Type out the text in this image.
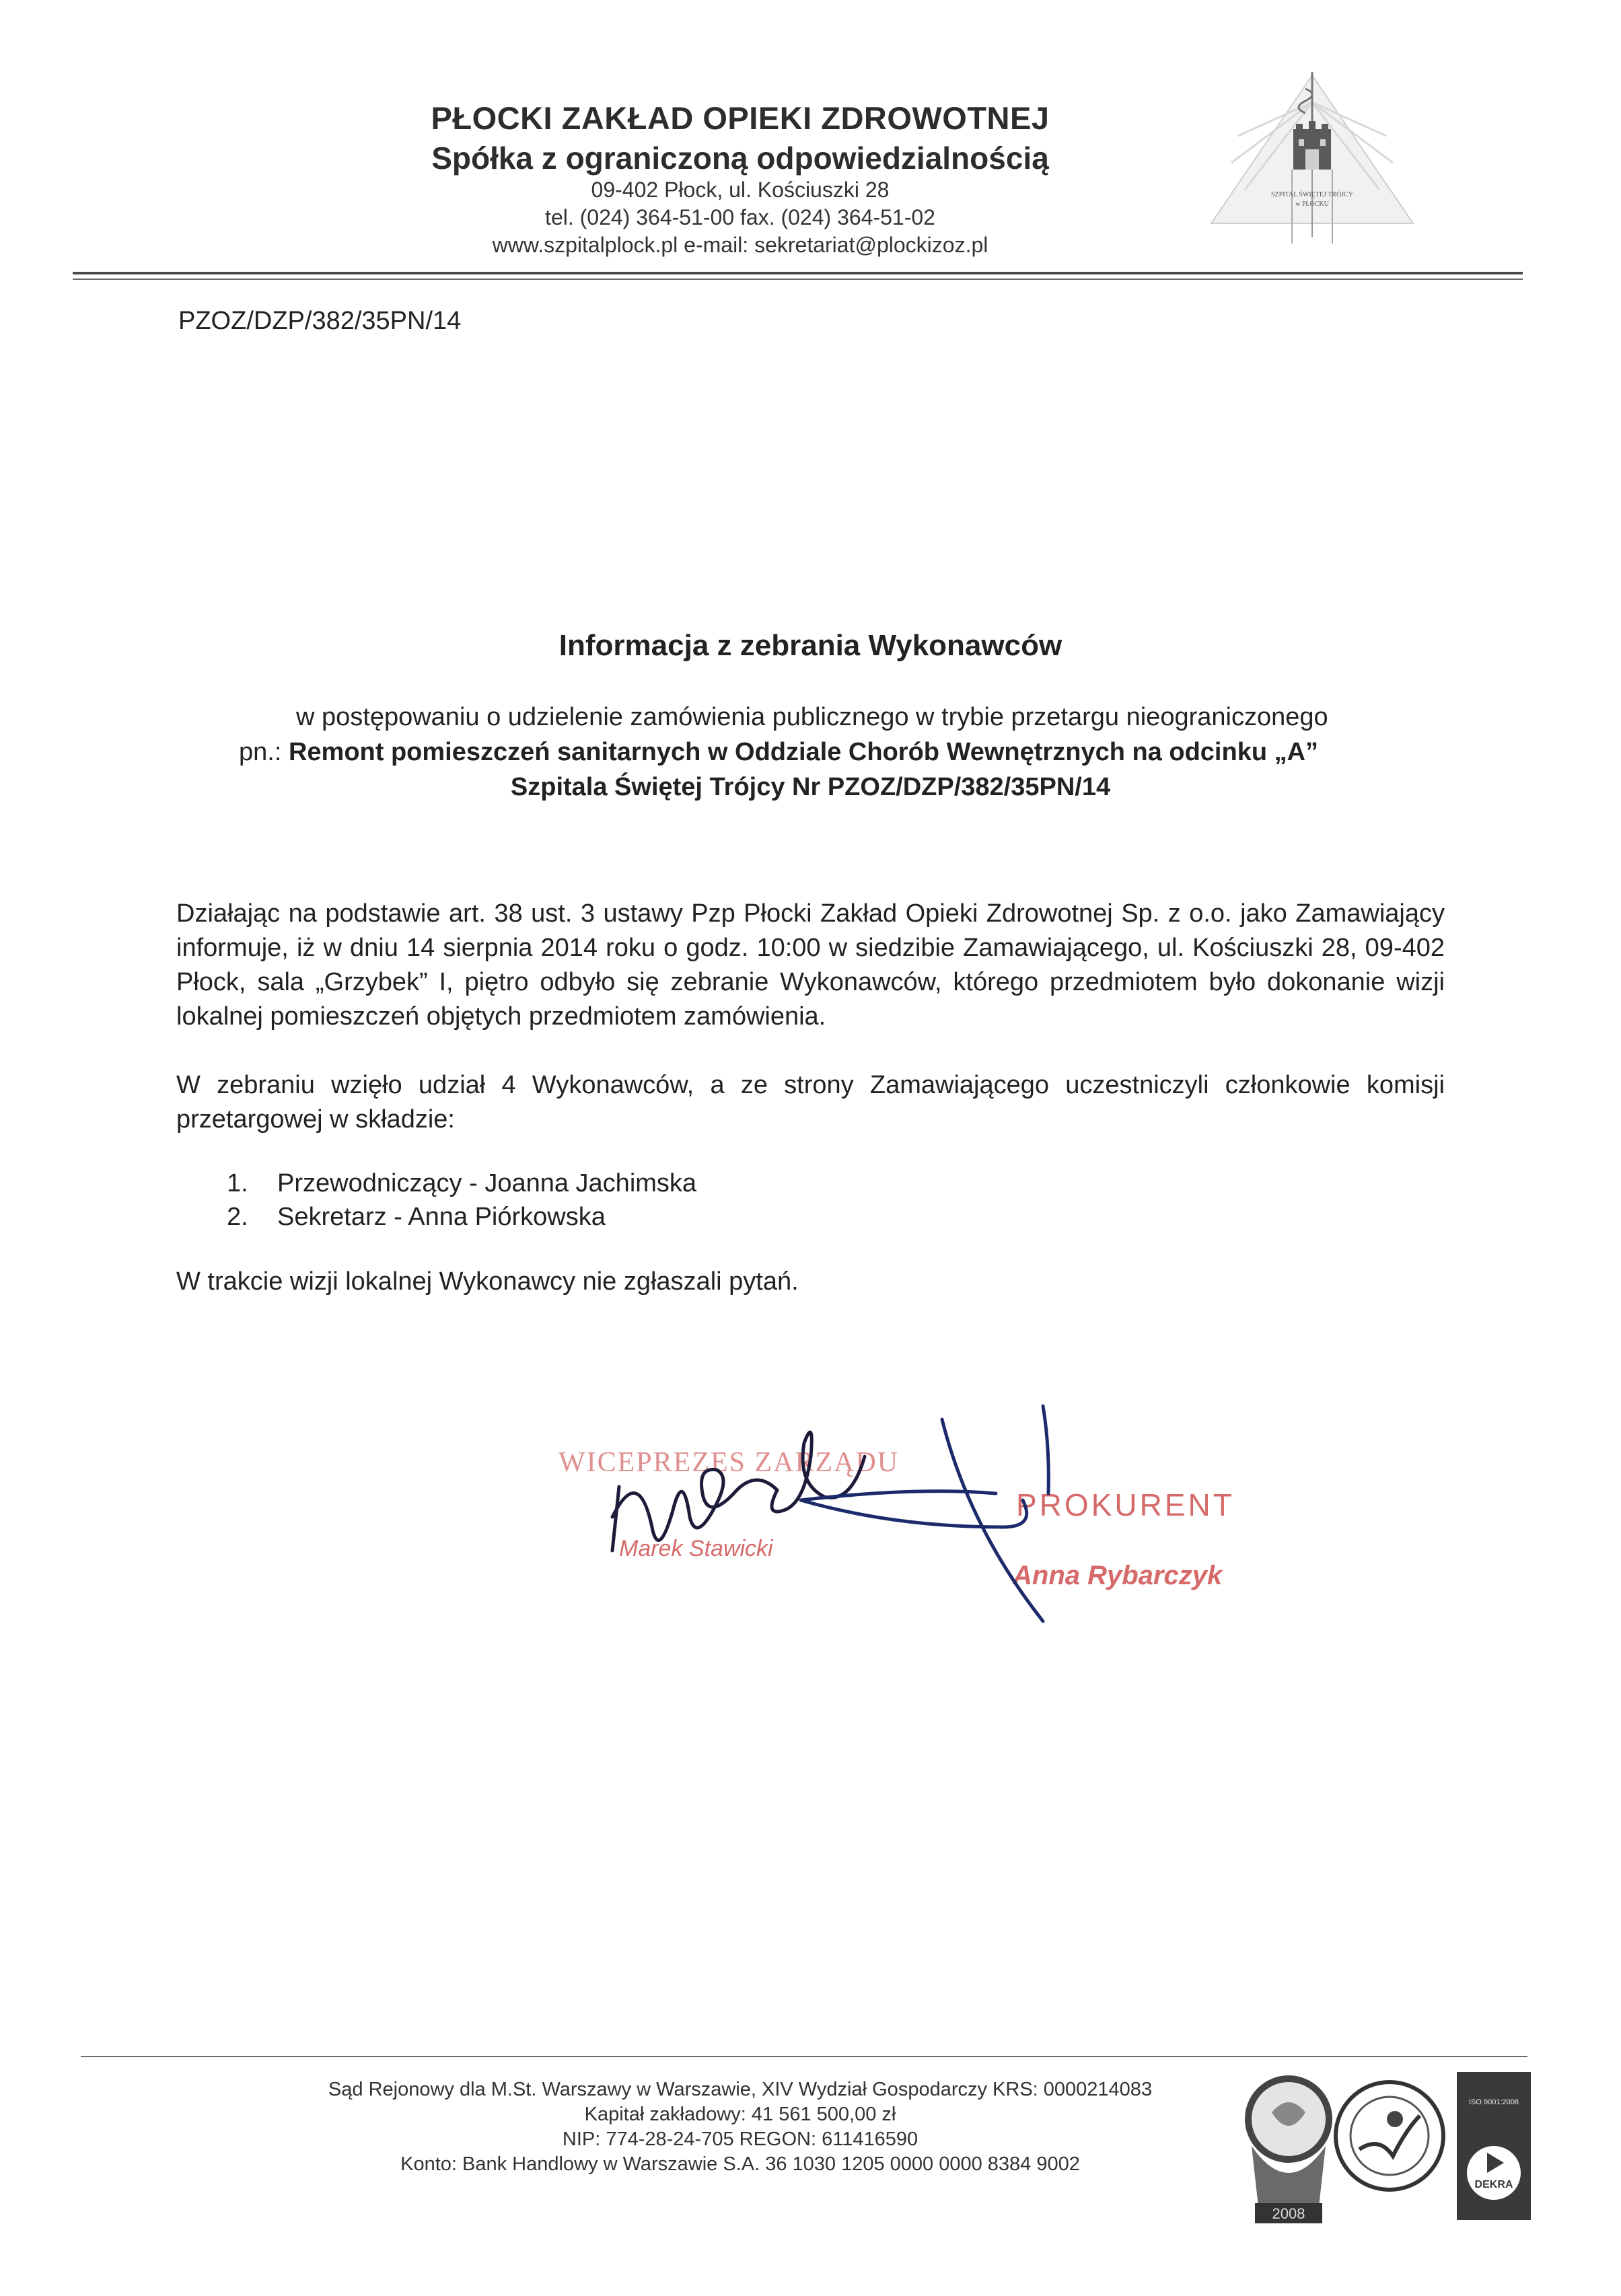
PŁOCKI ZAKŁAD OPIEKI ZDROWOTNEJ
Spółka z ograniczoną odpowiedzialnością
09-402 Płock, ul. Kościuszki 28
tel. (024) 364-51-00 fax. (024) 364-51-02
www.szpitalplock.pl e-mail: sekretariat@plockizoz.pl
SZPITAL ŚWIĘTEJ TRÓJCY
w PŁOCKU
PZOZ/DZP/382/35PN/14
Informacja z zebrania Wykonawców
w postępowaniu o udzielenie zamówienia publicznego w trybie przetargu nieograniczonego
pn.: Remont pomieszczeń sanitarnych w Oddziale Chorób Wewnętrznych na odcinku „A”
Szpitala Świętej Trójcy Nr PZOZ/DZP/382/35PN/14
Działając na podstawie art. 38 ust. 3 ustawy Pzp Płocki Zakład Opieki Zdrowotnej Sp. z o.o. jako Zamawiający informuje, iż w dniu 14 sierpnia 2014 roku o godz. 10:00 w siedzibie Zamawiającego, ul. Kościuszki 28, 09-402 Płock, sala „Grzybek” I, piętro odbyło się zebranie Wykonawców, którego przedmiotem było dokonanie wizji lokalnej pomieszczeń objętych przedmiotem zamówienia.
W zebraniu wzięło udział 4 Wykonawców, a ze strony Zamawiającego uczestniczyli członkowie komisji przetargowej w składzie:
1. Przewodniczący - Joanna Jachimska
2. Sekretarz - Anna Piórkowska
W trakcie wizji lokalnej Wykonawcy nie zgłaszali pytań.
WICEPREZES ZARZĄDU
Marek Stawicki
PROKURENT
Anna Rybarczyk
Sąd Rejonowy dla M.St. Warszawy w Warszawie, XIV Wydział Gospodarczy KRS: 0000214083
Kapitał zakładowy: 41 561 500,00 zł
NIP: 774-28-24-705 REGON: 611416590
Konto: Bank Handlowy w Warszawie S.A. 36 1030 1205 0000 0000 8384 9002
2008
ISO 9001:2008
DEKRA
